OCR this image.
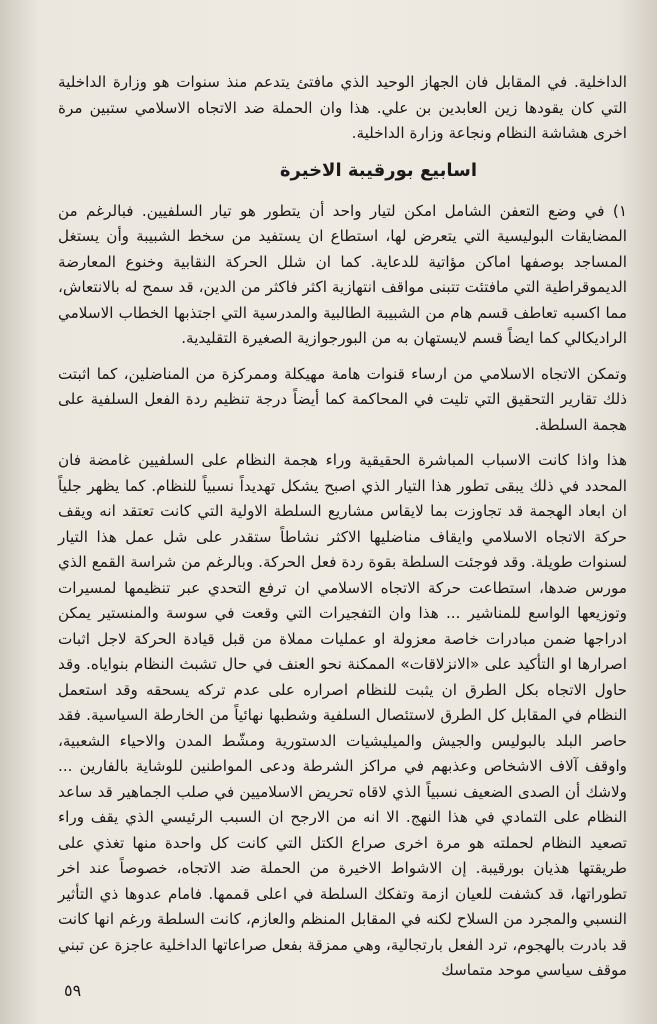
الداخلية. في المقابل فان الجهاز الوحيد الذي مافتئ يتدعم منذ سنوات هو وزارة الداخلية التي كان يقودها زين العابدين بن علي. هذا وان الحملة ضد الاتجاه الاسلامي ستبين مرة اخرى هشاشة النظام ونجاعة وزارة الداخلية.

اسابيع بورقيبة الاخيرة

١) في وضع التعفن الشامل امكن لتيار واحد أن يتطور هو تيار السلفيين. فبالرغم من المضايقات البوليسية التي يتعرض لها، استطاع ان يستفيد من سخط الشبيبة وأن يستغل المساجد بوصفها اماكن مؤاتية للدعاية. كما ان شلل الحركة النقابية وخنوع المعارضة الديموقراطية التي مافتئت تتبنى مواقف انتهازية اكثر فاكثر من الدين، قد سمح له بالانتعاش، مما اكسبه تعاطف قسم هام من الشبيبة الطالبية والمدرسية التي اجتذبها الخطاب الاسلامي الراديكالي كما ايضاً قسم لايستهان به من البورجوازية الصغيرة التقليدية.

وتمكن الاتجاه الاسلامي من ارساء قنوات هامة مهيكلة وممركزة من المناضلين، كما اثبتت ذلك تقارير التحقيق التي تليت في المحاكمة كما أيضاً درجة تنظيم ردة الفعل السلفية على هجمة السلطة.

هذا واذا كانت الاسباب المباشرة الحقيقية وراء هجمة النظام على السلفيين غامضة فان المحدد في ذلك يبقى تطور هذا التيار الذي اصبح يشكل تهديداً نسبياً للنظام. كما يظهر جلياً ان ابعاد الهجمة قد تجاوزت بما لايقاس مشاريع السلطة الاولية التي كانت تعتقد انه ويقف حركة الاتجاه الاسلامي وايقاف مناضليها الاكثر نشاطاً ستقدر على شل عمل هذا التيار لسنوات طويلة. وقد فوجئت السلطة بقوة ردة فعل الحركة. وبالرغم من شراسة القمع الذي مورس ضدها، استطاعت حركة الاتجاه الاسلامي ان ترفع التحدي عبر تنظيمها لمسيرات وتوزيعها الواسع للمناشير ... هذا وان التفجيرات التي وقعت في سوسة والمنستير يمكن ادراجها ضمن مبادرات خاصة معزولة او عمليات مملاة من قبل قيادة الحركة لاجل اثبات اصرارها او التأكيد على «الانزلاقات» الممكنة نحو العنف في حال تشبث النظام بنواياه. وقد حاول الاتجاه بكل الطرق ان يثبت للنظام اصراره على عدم تركه يسحقه وقد استعمل النظام في المقابل كل الطرق لاستئصال السلفية وشطبها نهائياً من الخارطة السياسية. فقد حاصر البلد بالبوليس والجيش والميليشيات الدستورية ومشّط المدن والاحياء الشعبية، واوقف آلاف الاشخاص وعذبهم في مراكز الشرطة ودعى المواطنين للوشاية بالفارين ... ولاشك أن الصدى الضعيف نسبياً الذي لاقاه تحريض الاسلاميين في صلب الجماهير قد ساعد النظام على التمادي في هذا النهج. الا انه من الارجح ان السبب الرئيسي الذي يقف وراء تصعيد النظام لحملته هو مرة اخرى صراع الكتل التي كانت كل واحدة منها تغذي على طريقتها هذيان بورقيبة. إن الاشواط الاخيرة من الحملة ضد الاتجاه، خصوصاً عند اخر تطوراتها، قد كشفت للعيان ازمة وتفكك السلطة في اعلى قممها. فامام عدوها ذي التأثير النسبي والمجرد من السلاح لكنه في المقابل المنظم والعازم، كانت السلطة ورغم انها كانت قد بادرت بالهجوم، ترد الفعل بارتجالية، وهي ممزقة بفعل صراعاتها الداخلية عاجزة عن تبني موقف سياسي موحد متماسك

٥٩
